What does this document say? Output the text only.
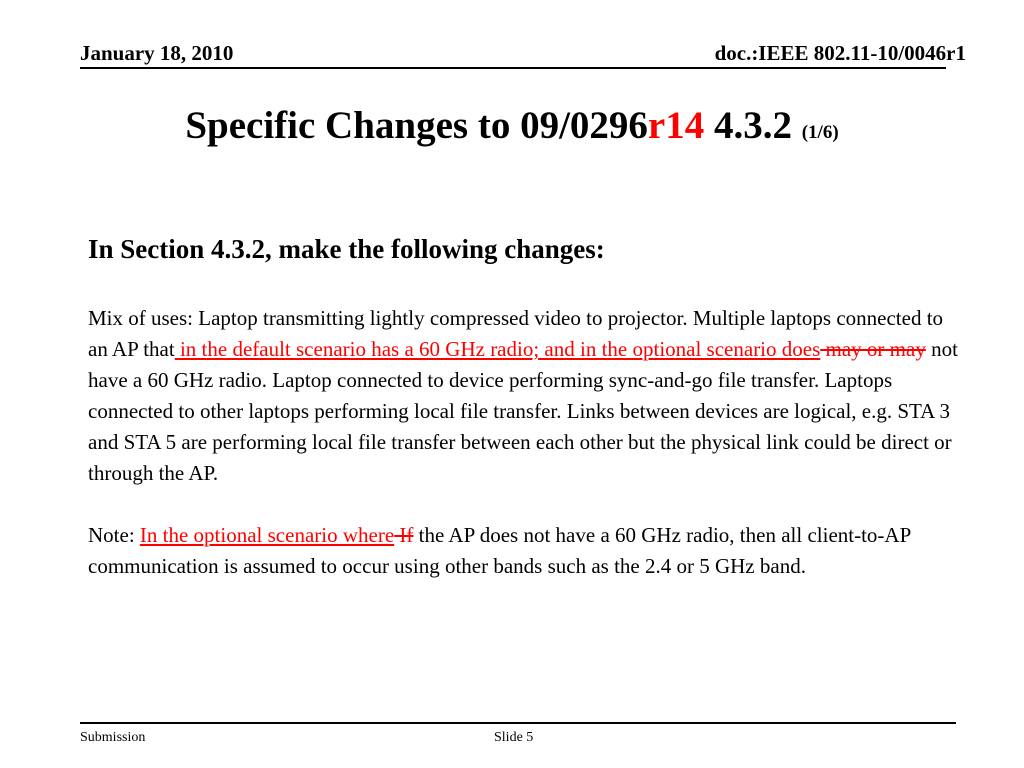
January 18, 2010	doc.:IEEE 802.11-10/0046r1
Specific Changes to 09/0296r14 4.3.2 (1/6)

In Section 4.3.2, make the following changes:

Mix of uses: Laptop transmitting lightly compressed video to projector. Multiple laptops connected to an AP that in the default scenario has a 60 GHz radio; and in the optional scenario does may or may not have a 60 GHz radio. Laptop connected to device performing sync-and-go file transfer. Laptops connected to other laptops performing local file transfer. Links between devices are logical, e.g. STA 3 and STA 5 are performing local file transfer between each other but the physical link could be direct or through the AP.

Note: In the optional scenario where If the AP does not have a 60 GHz radio, then all client-to-AP communication is assumed to occur using other bands such as the 2.4 or 5 GHz band.

Submission	Slide 5
